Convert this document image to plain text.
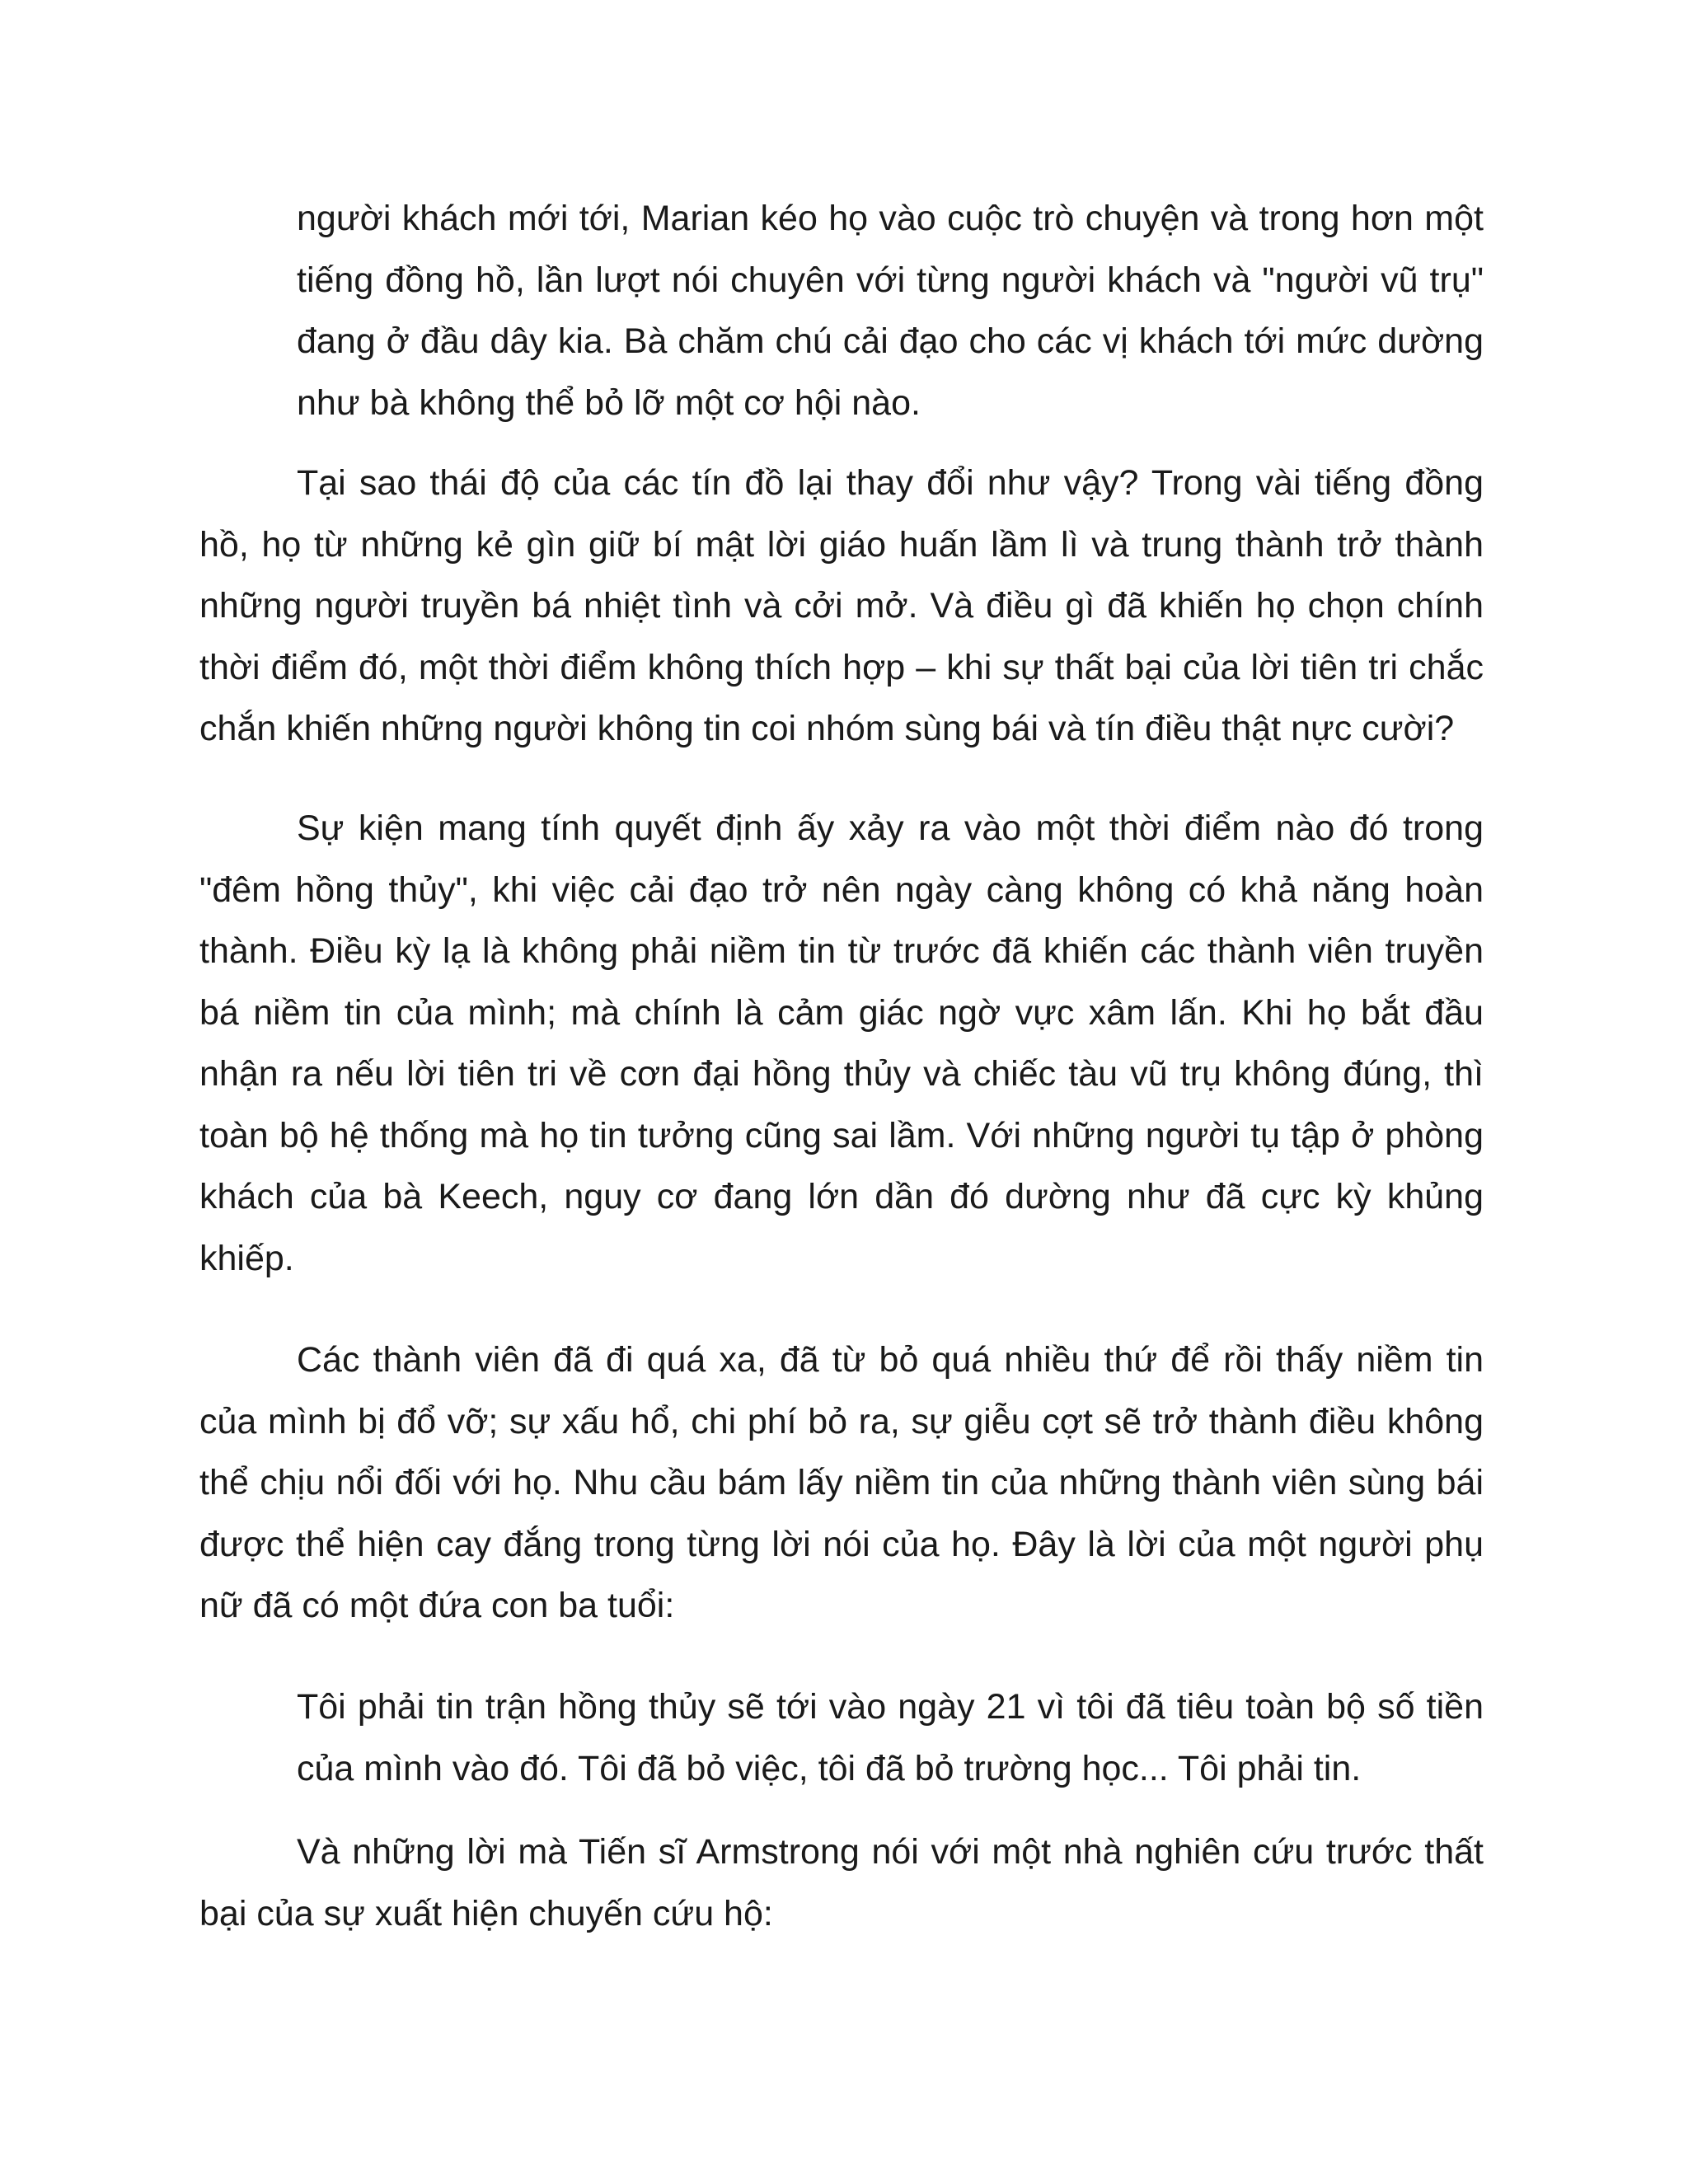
người khách mới tới, Marian kéo họ vào cuộc trò chuyện và trong hơn một tiếng đồng hồ, lần lượt nói chuyên với từng người khách và "người vũ trụ" đang ở đầu dây kia. Bà chăm chú cải đạo cho các vị khách tới mức dường như bà không thể bỏ lỡ một cơ hội nào.

Tại sao thái độ của các tín đồ lại thay đổi như vậy? Trong vài tiếng đồng hồ, họ từ những kẻ gìn giữ bí mật lời giáo huấn lầm lì và trung thành trở thành những người truyền bá nhiệt tình và cởi mở. Và điều gì đã khiến họ chọn chính thời điểm đó, một thời điểm không thích hợp – khi sự thất bại của lời tiên tri chắc chắn khiến những người không tin coi nhóm sùng bái và tín điều thật nực cười?

Sự kiện mang tính quyết định ấy xảy ra vào một thời điểm nào đó trong "đêm hồng thủy", khi việc cải đạo trở nên ngày càng không có khả năng hoàn thành. Điều kỳ lạ là không phải niềm tin từ trước đã khiến các thành viên truyền bá niềm tin của mình; mà chính là cảm giác ngờ vực xâm lấn. Khi họ bắt đầu nhận ra nếu lời tiên tri về cơn đại hồng thủy và chiếc tàu vũ trụ không đúng, thì toàn bộ hệ thống mà họ tin tưởng cũng sai lầm. Với những người tụ tập ở phòng khách của bà Keech, nguy cơ đang lớn dần đó dường như đã cực kỳ khủng khiếp.

Các thành viên đã đi quá xa, đã từ bỏ quá nhiều thứ để rồi thấy niềm tin của mình bị đổ vỡ; sự xấu hổ, chi phí bỏ ra, sự giễu cợt sẽ trở thành điều không thể chịu nổi đối với họ. Nhu cầu bám lấy niềm tin của những thành viên sùng bái được thể hiện cay đắng trong từng lời nói của họ. Đây là lời của một người phụ nữ đã có một đứa con ba tuổi:

Tôi phải tin trận hồng thủy sẽ tới vào ngày 21 vì tôi đã tiêu toàn bộ số tiền của mình vào đó. Tôi đã bỏ việc, tôi đã bỏ trường học... Tôi phải tin.

Và những lời mà Tiến sĩ Armstrong nói với một nhà nghiên cứu trước thất bại của sự xuất hiện chuyến cứu hộ:
